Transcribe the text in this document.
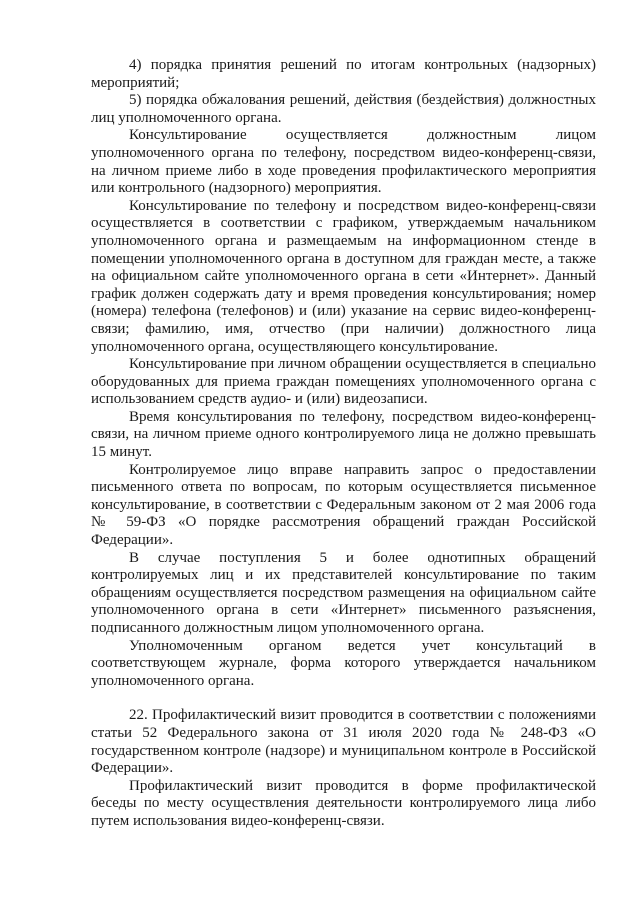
4) порядка принятия решений по итогам контрольных (надзорных) мероприятий;

5) порядка обжалования решений, действия (бездействия) должностных лиц уполномоченного органа.

Консультирование осуществляется должностным лицом уполномоченного органа по телефону, посредством видео-конференц-связи, на личном приеме либо в ходе проведения профилактического мероприятия или контрольного (надзорного) мероприятия.

Консультирование по телефону и посредством видео-конференц-связи осуществляется в соответствии с графиком, утверждаемым начальником уполномоченного органа и размещаемым на информационном стенде в помещении уполномоченного органа в доступном для граждан месте, а также на официальном сайте уполномоченного органа в сети «Интернет». Данный график должен содержать дату и время проведения консультирования; номер (номера) телефона (телефонов) и (или) указание на сервис видео-конференц-связи; фамилию, имя, отчество (при наличии) должностного лица уполномоченного органа, осуществляющего консультирование.

Консультирование при личном обращении осуществляется в специально оборудованных для приема граждан помещениях уполномоченного органа с использованием средств аудио- и (или) видеозаписи.

Время консультирования по телефону, посредством видео-конференц-связи, на личном приеме одного контролируемого лица не должно превышать 15 минут.

Контролируемое лицо вправе направить запрос о предоставлении письменного ответа по вопросам, по которым осуществляется письменное консультирование, в соответствии с Федеральным законом от 2 мая 2006 года № 59-ФЗ «О порядке рассмотрения обращений граждан Российской Федерации».

В случае поступления 5 и более однотипных обращений контролируемых лиц и их представителей консультирование по таким обращениям осуществляется посредством размещения на официальном сайте уполномоченного органа в сети «Интернет» письменного разъяснения, подписанного должностным лицом уполномоченного органа.

Уполномоченным органом ведется учет консультаций в соответствующем журнале, форма которого утверждается начальником уполномоченного органа.

22. Профилактический визит проводится в соответствии с положениями статьи 52 Федерального закона от 31 июля 2020 года № 248-ФЗ «О государственном контроле (надзоре) и муниципальном контроле в Российской Федерации».

Профилактический визит проводится в форме профилактической беседы по месту осуществления деятельности контролируемого лица либо путем использования видео-конференц-связи.
